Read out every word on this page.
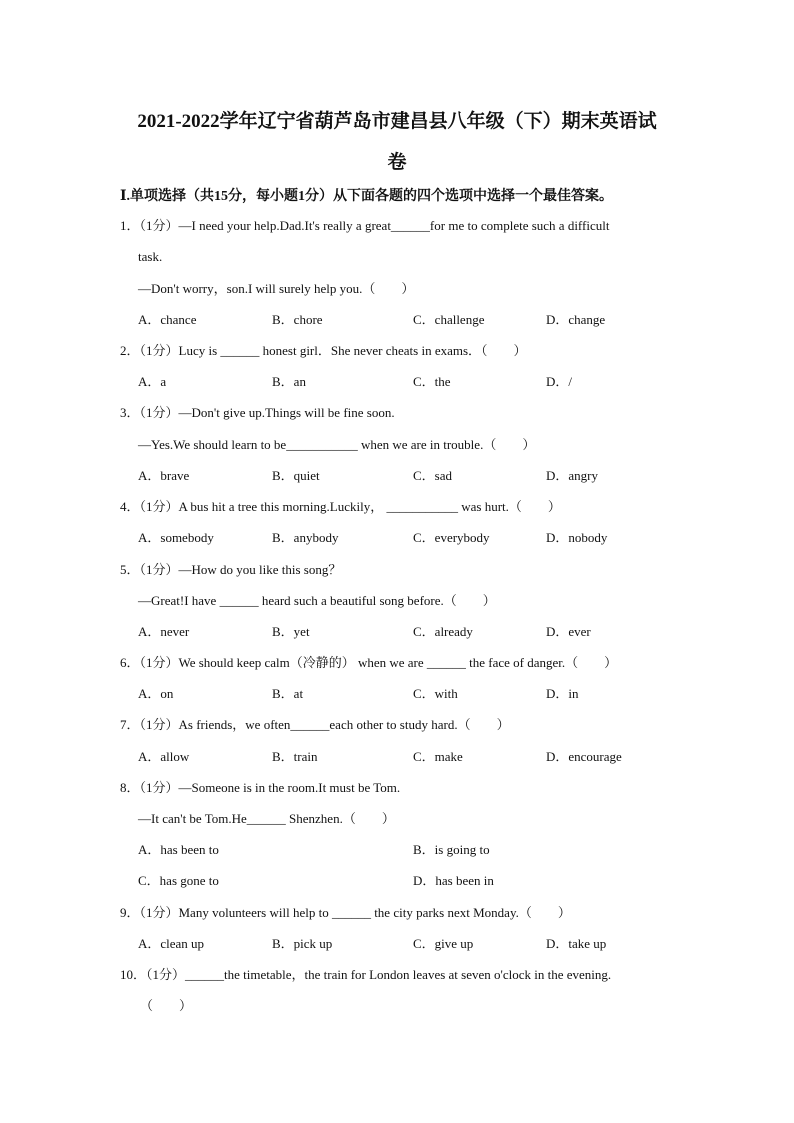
2021-2022学年辽宁省葫芦岛市建昌县八年级（下）期末英语试
卷
Ⅰ.单项选择（共15分，每小题1分）从下面各题的四个选项中选择一个最佳答案。
1．（1分）—I need your help.Dad.It's really a great______for me to complete such a difficult
task.
—Don't worry，son.I will surely help you.（　　）
A．chance	B．chore	C．challenge	D．change
2．（1分）Lucy is ______ honest girl．She never cheats in exams．（　　）
A．a	B．an	C．the	D．/
3．（1分）—Don't give up.Things will be fine soon.
—Yes.We should learn to be___________ when we are in trouble.（　　）
A．brave	B．quiet	C．sad	D．angry
4．（1分）A bus hit a tree this morning.Luckily， ___________ was hurt.（　　）
A．somebody	B．anybody	C．everybody	D．nobody
5．（1分）—How do you like this song？
—Great!I have ______ heard such a beautiful song before.（　　）
A．never	B．yet	C．already	D．ever
6．（1分）We should keep calm（冷静的） when we are ______ the face of danger.（　　）
A．on	B．at	C．with	D．in
7．（1分）As friends，we often______each other to study hard.（　　）
A．allow	B．train	C．make	D．encourage
8．（1分）—Someone is in the room.It must be Tom.
—It can't be Tom.He______ Shenzhen.（　　）
A．has been to	B．is going to
C．has gone to	D．has been in
9．（1分）Many volunteers will help to ______ the city parks next Monday.（　　）
A．clean up	B．pick up	C．give up	D．take up
10．（1分）______the timetable，the train for London leaves at seven o'clock in the evening.
（　　）
